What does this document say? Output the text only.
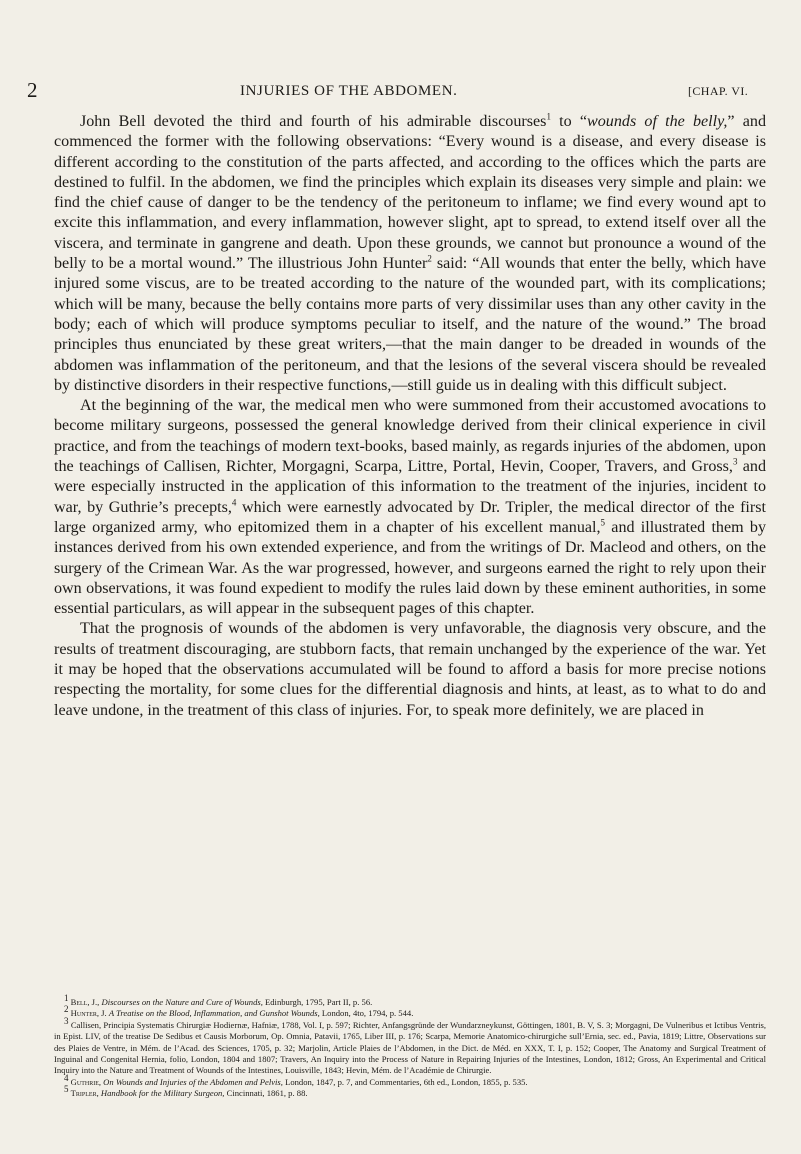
2	INJURIES OF THE ABDOMEN.	[CHAP. VI.

John Bell devoted the third and fourth of his admirable discourses$^1$ to “wounds of the belly,” and commenced the former with the following observations: “Every wound is a disease, and every disease is different according to the constitution of the parts affected, and according to the offices which the parts are destined to fulfil. In the abdomen, we find the principles which explain its diseases very simple and plain: we find the chief cause of danger to be the tendency of the peritoneum to inflame; we find every wound apt to excite this inflammation, and every inflammation, however slight, apt to spread, to extend itself over all the viscera, and terminate in gangrene and death. Upon these grounds, we cannot but pronounce a wound of the belly to be a mortal wound.” The illustrious John Hunter$^2$ said: “All wounds that enter the belly, which have injured some viscus, are to be treated according to the nature of the wounded part, with its complications; which will be many, because the belly contains more parts of very dissimilar uses than any other cavity in the body; each of which will produce symptoms peculiar to itself, and the nature of the wound.” The broad principles thus enunciated by these great writers,—that the main danger to be dreaded in wounds of the abdomen was inflammation of the peritoneum, and that the lesions of the several viscera should be revealed by distinctive disorders in their respective functions,—still guide us in dealing with this difficult subject.

At the beginning of the war, the medical men who were summoned from their accustomed avocations to become military surgeons, possessed the general knowledge derived from their clinical experience in civil practice, and from the teachings of modern text-books, based mainly, as regards injuries of the abdomen, upon the teachings of Callisen, Richter, Morgagni, Scarpa, Littre, Portal, Hevin, Cooper, Travers, and Gross,$^3$ and were especially instructed in the application of this information to the treatment of the injuries, incident to war, by Guthrie’s precepts,$^4$ which were earnestly advocated by Dr. Tripler, the medical director of the first large organized army, who epitomized them in a chapter of his excellent manual,$^5$ and illustrated them by instances derived from his own extended experience, and from the writings of Dr. Macleod and others, on the surgery of the Crimean War. As the war progressed, however, and surgeons earned the right to rely upon their own observations, it was found expedient to modify the rules laid down by these eminent authorities, in some essential particulars, as will appear in the subsequent pages of this chapter.

That the prognosis of wounds of the abdomen is very unfavorable, the diagnosis very obscure, and the results of treatment discouraging, are stubborn facts, that remain unchanged by the experience of the war. Yet it may be hoped that the observations accumulated will be found to afford a basis for more precise notions respecting the mortality, for some clues for the differential diagnosis and hints, at least, as to what to do and leave undone, in the treatment of this class of injuries. For, to speak more definitely, we are placed in

$^1$ Bell, J., Discourses on the Nature and Cure of Wounds, Edinburgh, 1795, Part II, p. 56.

$^2$ Hunter, J. A Treatise on the Blood, Inflammation, and Gunshot Wounds, London, 4to, 1794, p. 544.

$^3$ Callisen, Principia Systematis Chirurgiæ Hodiernæ, Hafniæ, 1788, Vol. I, p. 597; Richter, Anfangsgründe der Wundarzneykunst, Göttingen, 1801, B. V, S. 3; Morgagni, De Vulneribus et Ictibus Ventris, in Epist. LIV, of the treatise De Sedibus et Causis Morborum, Op. Omnia, Patavii, 1765, Liber III, p. 176; Scarpa, Memorie Anatomico-chirurgiche sull’Ernia, sec. ed., Pavia, 1819; Littre, Observations sur des Plaies de Ventre, in Mém. de l’Acad. des Sciences, 1705, p. 32; Marjolin, Article Plaies de l’Abdomen, in the Dict. de Méd. en XXX, T. I, p. 152; Cooper, The Anatomy and Surgical Treatment of Inguinal and Congenital Hernia, folio, London, 1804 and 1807; Travers, An Inquiry into the Process of Nature in Repairing Injuries of the Intestines, London, 1812; Gross, An Experimental and Critical Inquiry into the Nature and Treatment of Wounds of the Intestines, Louisville, 1843; Hevin, Mém. de l’Académie de Chirurgie.

$^4$ Guthrie, On Wounds and Injuries of the Abdomen and Pelvis, London, 1847, p. 7, and Commentaries, 6th ed., London, 1855, p. 535.

$^5$ Tripler, Handbook for the Military Surgeon, Cincinnati, 1861, p. 88.
